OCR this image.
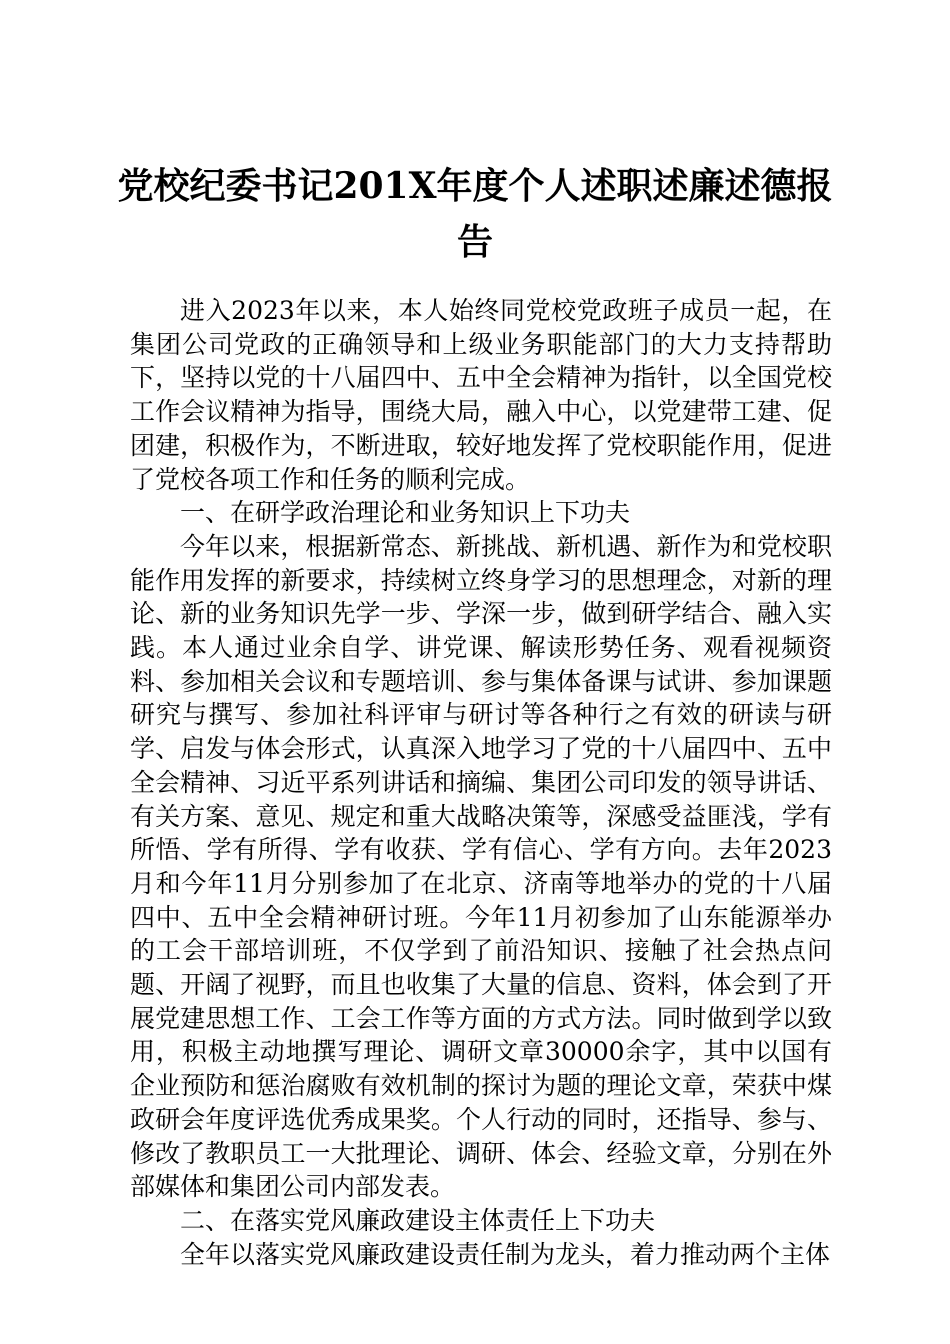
党校纪委书记201X年度个人述职述廉述德报
告

进入2023年以来，本人始终同党校党政班子成员一起，在集团公司党政的正确领导和上级业务职能部门的大力支持帮助下，坚持以党的十八届四中、五中全会精神为指针，以全国党校工作会议精神为指导，围绕大局，融入中心，以党建带工建、促团建，积极作为，不断进取，较好地发挥了党校职能作用，促进了党校各项工作和任务的顺利完成。

一、在研学政治理论和业务知识上下功夫

今年以来，根据新常态、新挑战、新机遇、新作为和党校职能作用发挥的新要求，持续树立终身学习的思想理念，对新的理论、新的业务知识先学一步、学深一步，做到研学结合、融入实践。本人通过业余自学、讲党课、解读形势任务、观看视频资料、参加相关会议和专题培训、参与集体备课与试讲、参加课题研究与撰写、参加社科评审与研讨等各种行之有效的研读与研学、启发与体会形式，认真深入地学习了党的十八届四中、五中全会精神、习近平系列讲话和摘编、集团公司印发的领导讲话、有关方案、意见、规定和重大战略决策等，深感受益匪浅，学有所悟、学有所得、学有收获、学有信心、学有方向。去年2023月和今年11月分别参加了在北京、济南等地举办的党的十八届四中、五中全会精神研讨班。今年11月初参加了山东能源举办的工会干部培训班，不仅学到了前沿知识、接触了社会热点问题、开阔了视野，而且也收集了大量的信息、资料，体会到了开展党建思想工作、工会工作等方面的方式方法。同时做到学以致用，积极主动地撰写理论、调研文章30000余字，其中以国有企业预防和惩治腐败有效机制的探讨为题的理论文章，荣获中煤政研会年度评选优秀成果奖。个人行动的同时，还指导、参与、修改了教职员工一大批理论、调研、体会、经验文章，分别在外部媒体和集团公司内部发表。

二、在落实党风廉政建设主体责任上下功夫

全年以落实党风廉政建设责任制为龙头，着力推动两个主体
